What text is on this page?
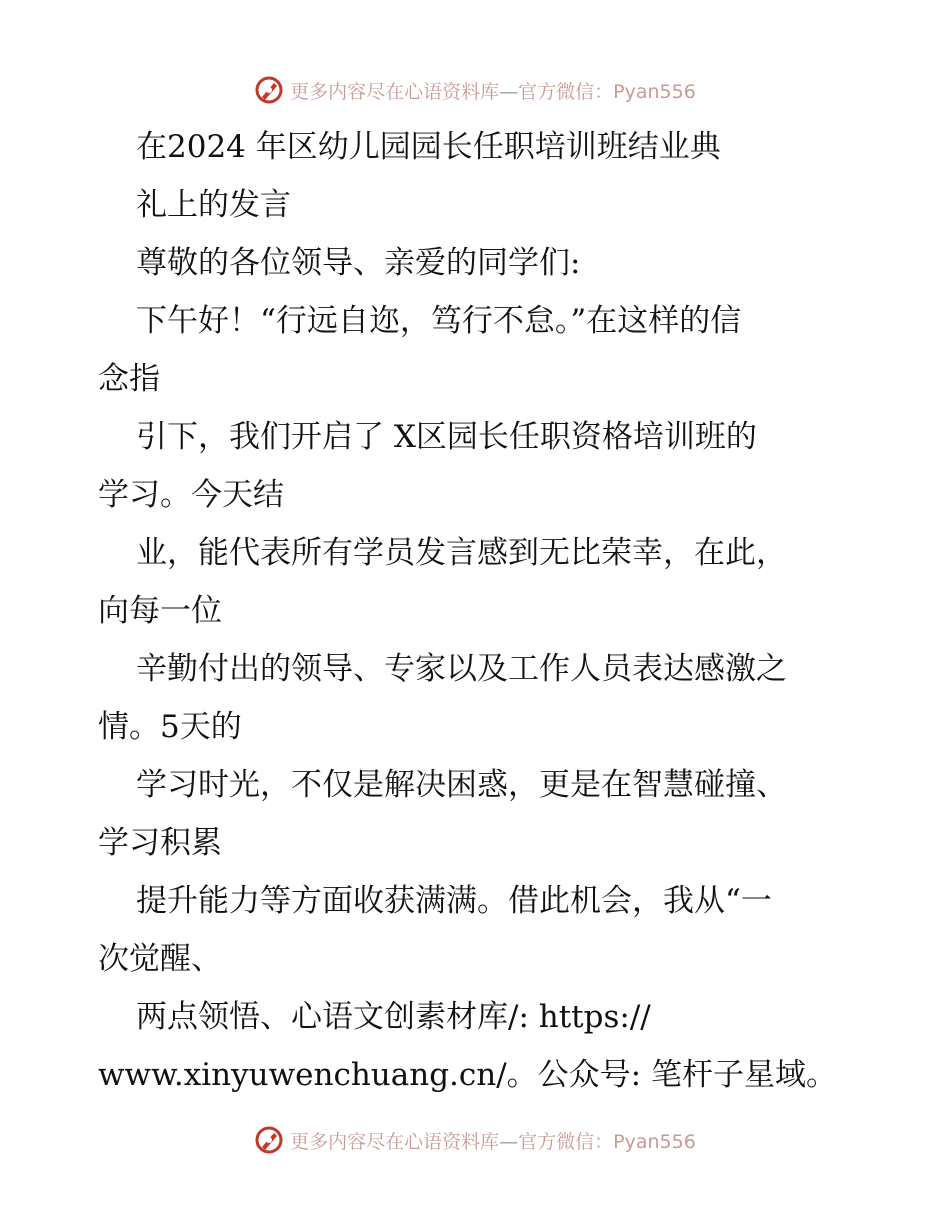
更多内容尽在心语资料库—官方微信：Pyan556
在2024 年区幼儿园园长任职培训班结业典
礼上的发言
尊敬的各位领导、亲爱的同学们:
下午好！“行远自迩，笃行不怠。”在这样的信
念指
引下，我们开启了 X区园长任职资格培训班的
学习。今天结
业，能代表所有学员发言感到无比荣幸，在此，
向每一位
辛勤付出的领导、专家以及工作人员表达感激之
情。5天的
学习时光，不仅是解决困惑，更是在智慧碰撞、
学习积累
提升能力等方面收获满满。借此机会，我从“一
次觉醒、
两点领悟、心语文创素材库/: https://
www.xinyuwenchuang.cn/。公众号: 笔杆子星域。
更多内容尽在心语资料库—官方微信：Pyan556
